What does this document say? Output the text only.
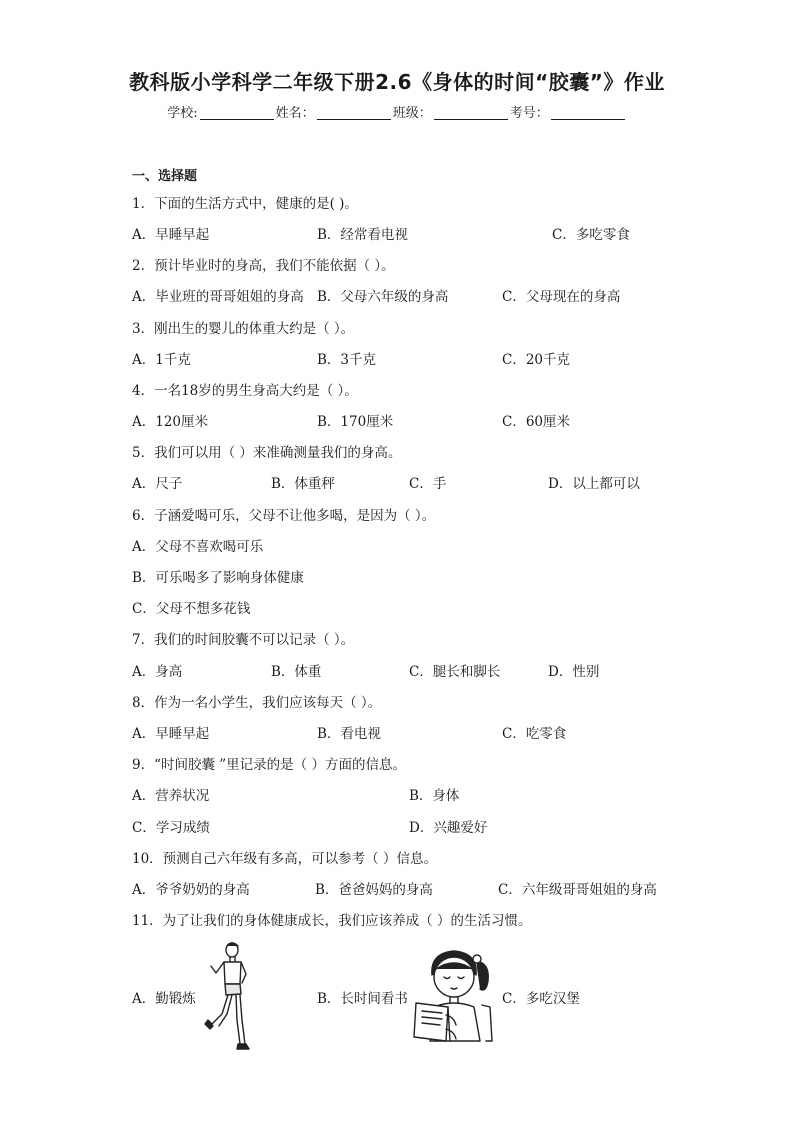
教科版小学科学二年级下册2.6《身体的时间“胶囊”》作业
学校:	姓名：	班级：	考号：
一、选择题
1．下面的生活方式中，健康的是( )。
A．早睡早起	B．经常看电视	C．多吃零食
2．预计毕业时的身高，我们不能依据（ ）。
A．毕业班的哥哥姐姐的身高 B．父母六年级的身高	C．父母现在的身高
3．刚出生的婴儿的体重大约是（ ）。
A．1千克	B．3千克	C．20千克
4．一名18岁的男生身高大约是（ ）。
A．120厘米	B．170厘米	C．60厘米
5．我们可以用（ ）来准确测量我们的身高。
A．尺子	B．体重秤	C．手	D．以上都可以
6．子涵爱喝可乐，父母不让他多喝，是因为（ ）。
A．父母不喜欢喝可乐
B．可乐喝多了影响身体健康
C．父母不想多花钱
7．我们的时间胶囊不可以记录（ ）。
A．身高	B．体重	C．腿长和脚长	D．性别
8．作为一名小学生，我们应该每天（ ）。
A．早睡早起	B．看电视	C．吃零食
9．“时间胶囊 ”里记录的是（ ）方面的信息。
A．营养状况	B．身体
C．学习成绩	D．兴趣爱好
10．预测自己六年级有多高，可以参考（ ）信息。
A．爷爷奶奶的身高	B．爸爸妈妈的身高	C．六年级哥哥姐姐的身高
11．为了让我们的身体健康成长，我们应该养成（ ）的生活习惯。
A．勤锻炼	B．长时间看书	C．多吃汉堡
